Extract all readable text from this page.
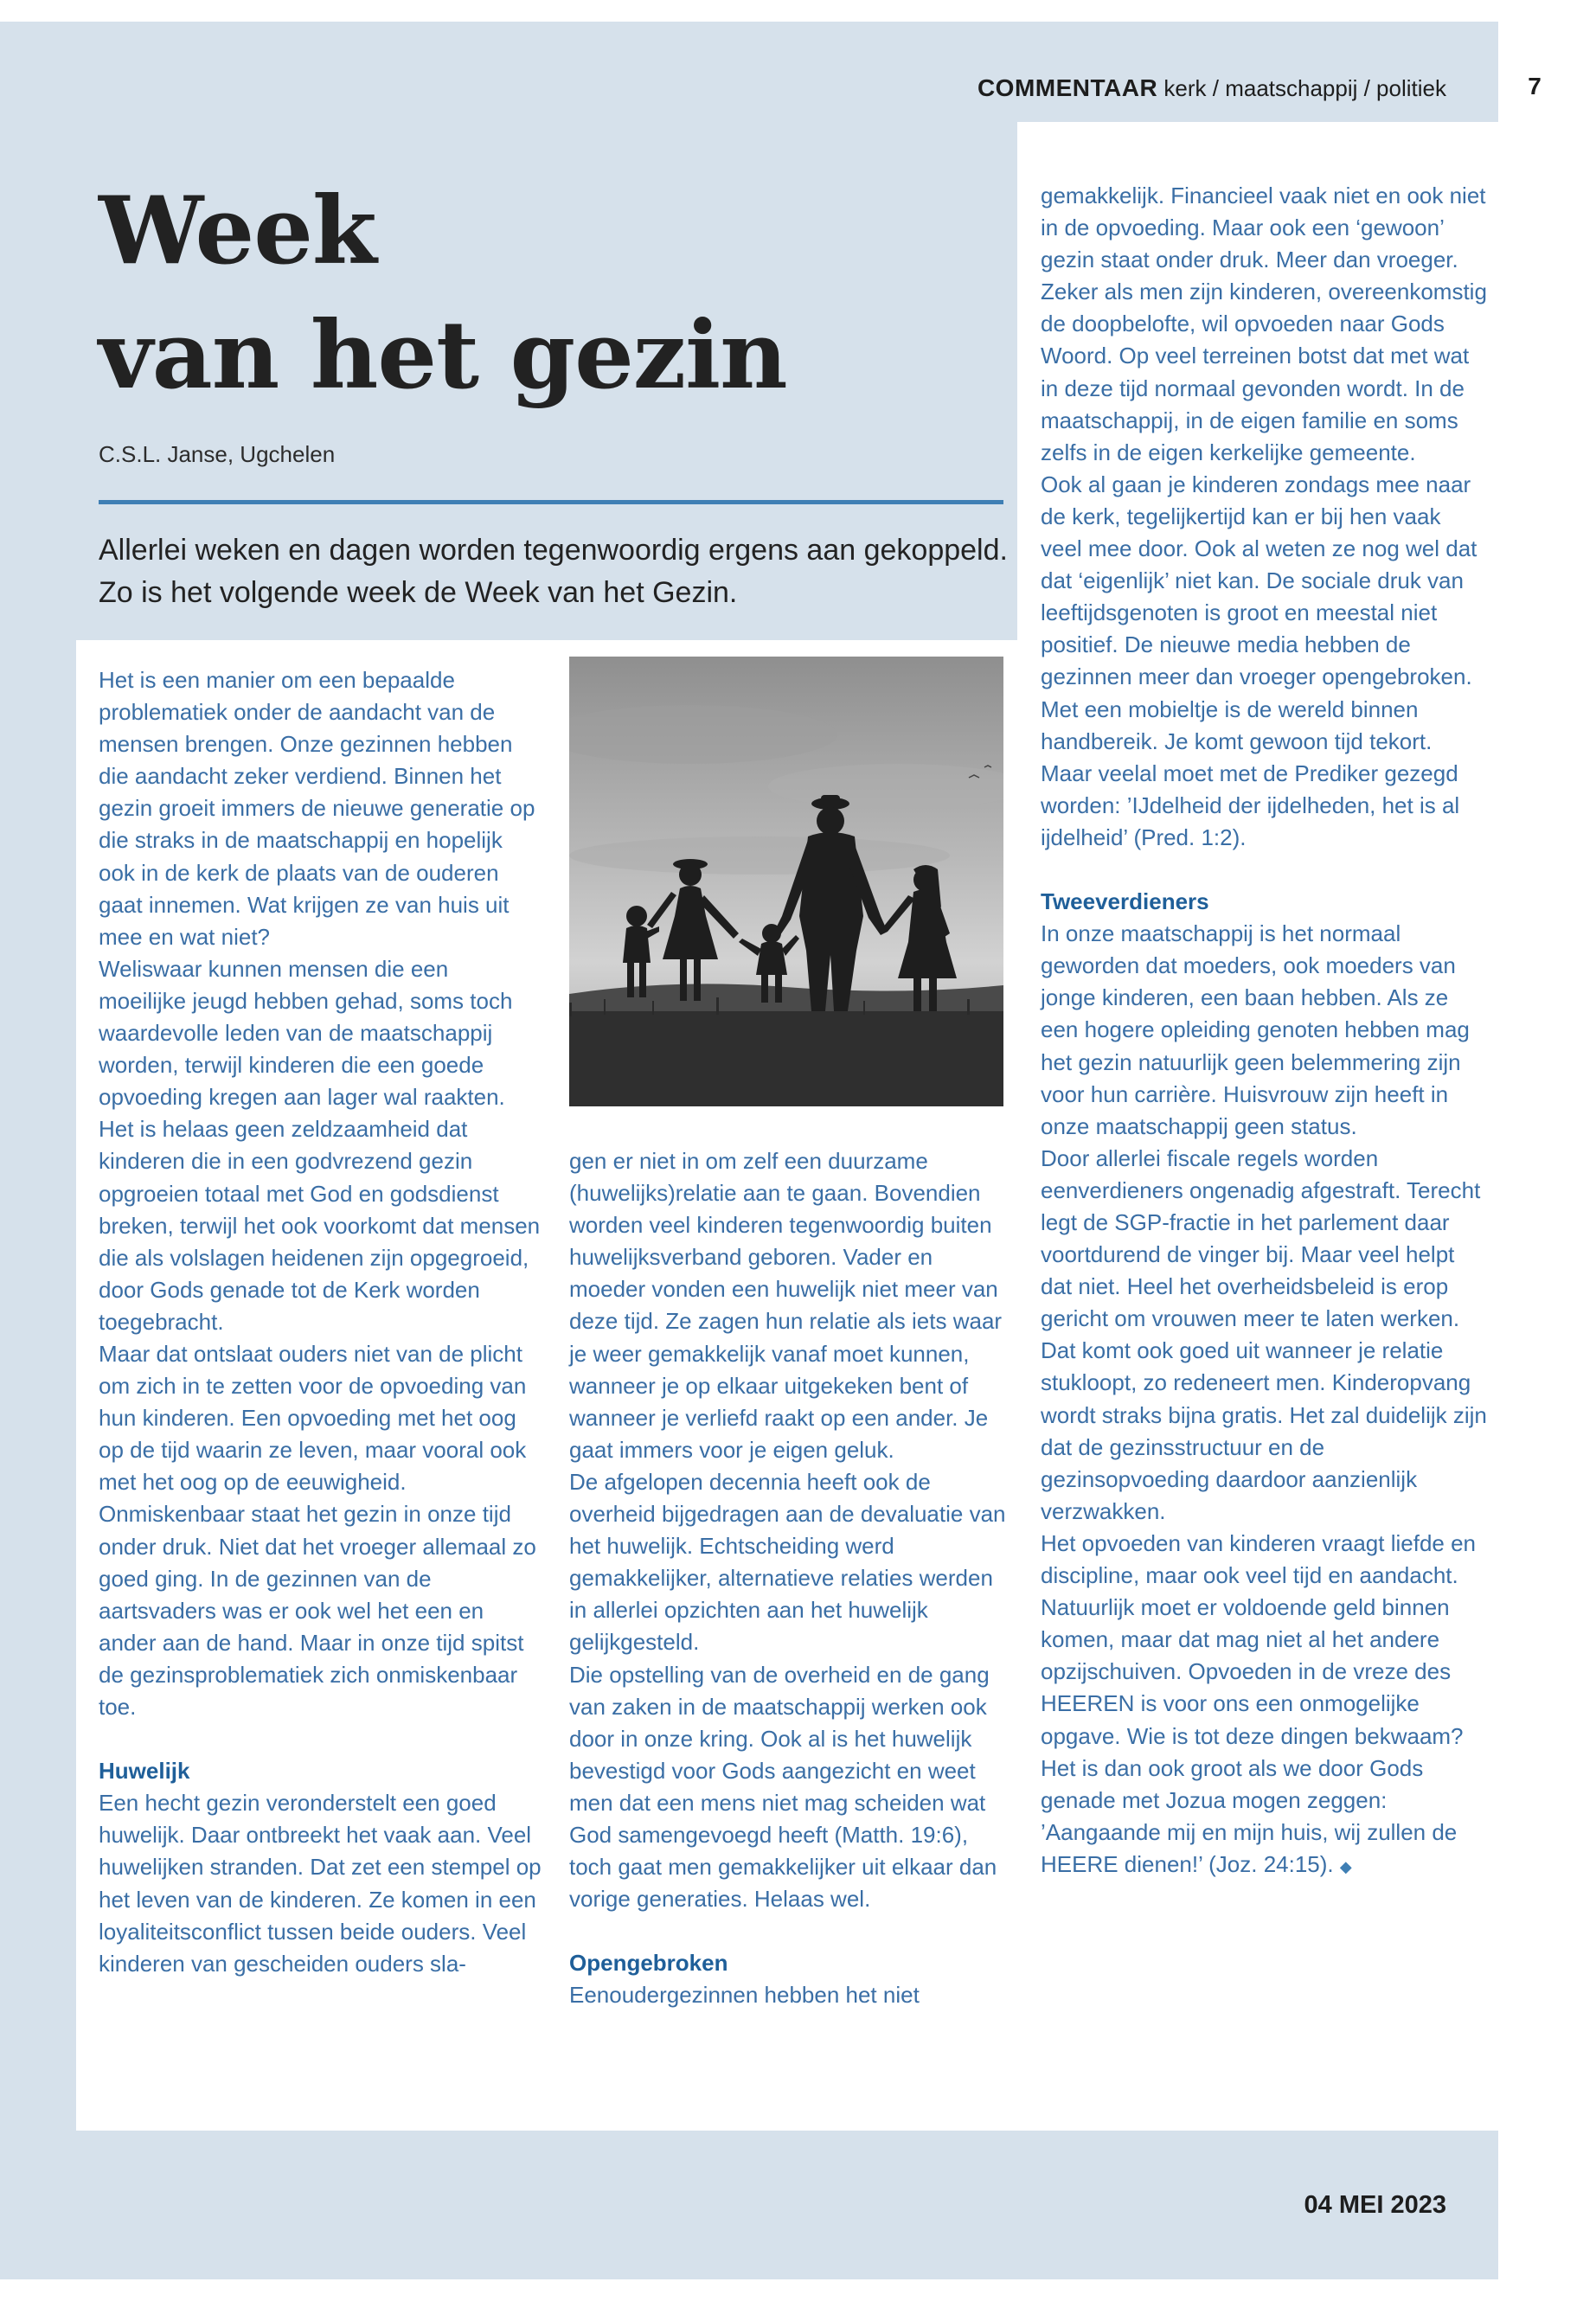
COMMENTAAR kerk / maatschappij / politiek	7
Week
van het gezin
C.S.L. Janse, Ugchelen
Allerlei weken en dagen worden tegenwoordig ergens aan gekoppeld. Zo is het volgende week de Week van het Gezin.

Het is een manier om een bepaalde problematiek onder de aandacht van de mensen brengen. Onze gezinnen hebben die aandacht zeker verdiend. Binnen het gezin groeit immers de nieuwe generatie op die straks in de maatschappij en hopelijk ook in de kerk de plaats van de ouderen gaat innemen. Wat krijgen ze van huis uit mee en wat niet?

Weliswaar kunnen mensen die een moeilijke jeugd hebben gehad, soms toch waardevolle leden van de maatschappij worden, terwijl kinderen die een goede opvoeding kregen aan lager wal raakten. Het is helaas geen zeldzaamheid dat kinderen die in een godvrezend gezin opgroeien totaal met God en godsdienst breken, terwijl het ook voorkomt dat mensen die als volslagen heidenen zijn opgegroeid, door Gods genade tot de Kerk worden toegebracht.

Maar dat ontslaat ouders niet van de plicht om zich in te zetten voor de opvoeding van hun kinderen. Een opvoeding met het oog op de tijd waarin ze leven, maar vooral ook met het oog op de eeuwigheid.

Onmiskenbaar staat het gezin in onze tijd onder druk. Niet dat het vroeger allemaal zo goed ging. In de gezinnen van de aartsvaders was er ook wel het een en ander aan de hand. Maar in onze tijd spitst de gezinsproblematiek zich onmiskenbaar toe.

Huwelijk

Een hecht gezin veronderstelt een goed huwelijk. Daar ontbreekt het vaak aan. Veel huwelijken stranden. Dat zet een stempel op het leven van de kinderen. Ze komen in een loyaliteitsconflict tussen beide ouders. Veel kinderen van gescheiden ouders sla-

gen er niet in om zelf een duurzame (huwelijks)relatie aan te gaan. Bovendien worden veel kinderen tegenwoordig buiten huwelijksverband geboren. Vader en moeder vonden een huwelijk niet meer van deze tijd. Ze zagen hun relatie als iets waar je weer gemakkelijk vanaf moet kunnen, wanneer je op elkaar uitgekeken bent of wanneer je verliefd raakt op een ander. Je gaat immers voor je eigen geluk.

De afgelopen decennia heeft ook de overheid bijgedragen aan de devaluatie van het huwelijk. Echtscheiding werd gemakkelijker, alternatieve relaties werden in allerlei opzichten aan het huwelijk gelijkgesteld.

Die opstelling van de overheid en de gang van zaken in de maatschappij werken ook door in onze kring. Ook al is het huwelijk bevestigd voor Gods aangezicht en weet men dat een mens niet mag scheiden wat God samengevoegd heeft (Matth. 19:6), toch gaat men gemakkelijker uit elkaar dan vorige generaties. Helaas wel.

Opengebroken

Eenoudergezinnen hebben het niet

gemakkelijk. Financieel vaak niet en ook niet in de opvoeding. Maar ook een ‘gewoon’ gezin staat onder druk. Meer dan vroeger. Zeker als men zijn kinderen, overeenkomstig de doopbelofte, wil opvoeden naar Gods Woord. Op veel terreinen botst dat met wat in deze tijd normaal gevonden wordt. In de maatschappij, in de eigen familie en soms zelfs in de eigen kerkelijke gemeente.

Ook al gaan je kinderen zondags mee naar de kerk, tegelijkertijd kan er bij hen vaak veel mee door. Ook al weten ze nog wel dat dat ‘eigenlijk’ niet kan. De sociale druk van leeftijdsgenoten is groot en meestal niet positief. De nieuwe media hebben de gezinnen meer dan vroeger opengebroken. Met een mobieltje is de wereld binnen handbereik. Je komt gewoon tijd tekort. Maar veelal moet met de Prediker gezegd worden: ’IJdelheid der ijdelheden, het is al ijdelheid’ (Pred. 1:2).

Tweeverdieners

In onze maatschappij is het normaal geworden dat moeders, ook moeders van jonge kinderen, een baan hebben. Als ze een hogere opleiding genoten hebben mag het gezin natuurlijk geen belemmering zijn voor hun carrière. Huisvrouw zijn heeft in onze maatschappij geen status.

Door allerlei fiscale regels worden eenverdieners ongenadig afgestraft. Terecht legt de SGP-fractie in het parlement daar voortdurend de vinger bij. Maar veel helpt dat niet. Heel het overheidsbeleid is erop gericht om vrouwen meer te laten werken. Dat komt ook goed uit wanneer je relatie stukloopt, zo redeneert men. Kinderopvang wordt straks bijna gratis. Het zal duidelijk zijn dat de gezinsstructuur en de gezinsopvoeding daardoor aanzienlijk verzwakken.

Het opvoeden van kinderen vraagt liefde en discipline, maar ook veel tijd en aandacht. Natuurlijk moet er voldoende geld binnen komen, maar dat mag niet al het andere opzijschuiven. Opvoeden in de vreze des HEEREN is voor ons een onmogelijke opgave. Wie is tot deze dingen bekwaam?

Het is dan ook groot als we door Gods genade met Jozua mogen zeggen: ’Aangaande mij en mijn huis, wij zullen de HEERE dienen!’ (Joz. 24:15). ◆

04 MEI 2023
